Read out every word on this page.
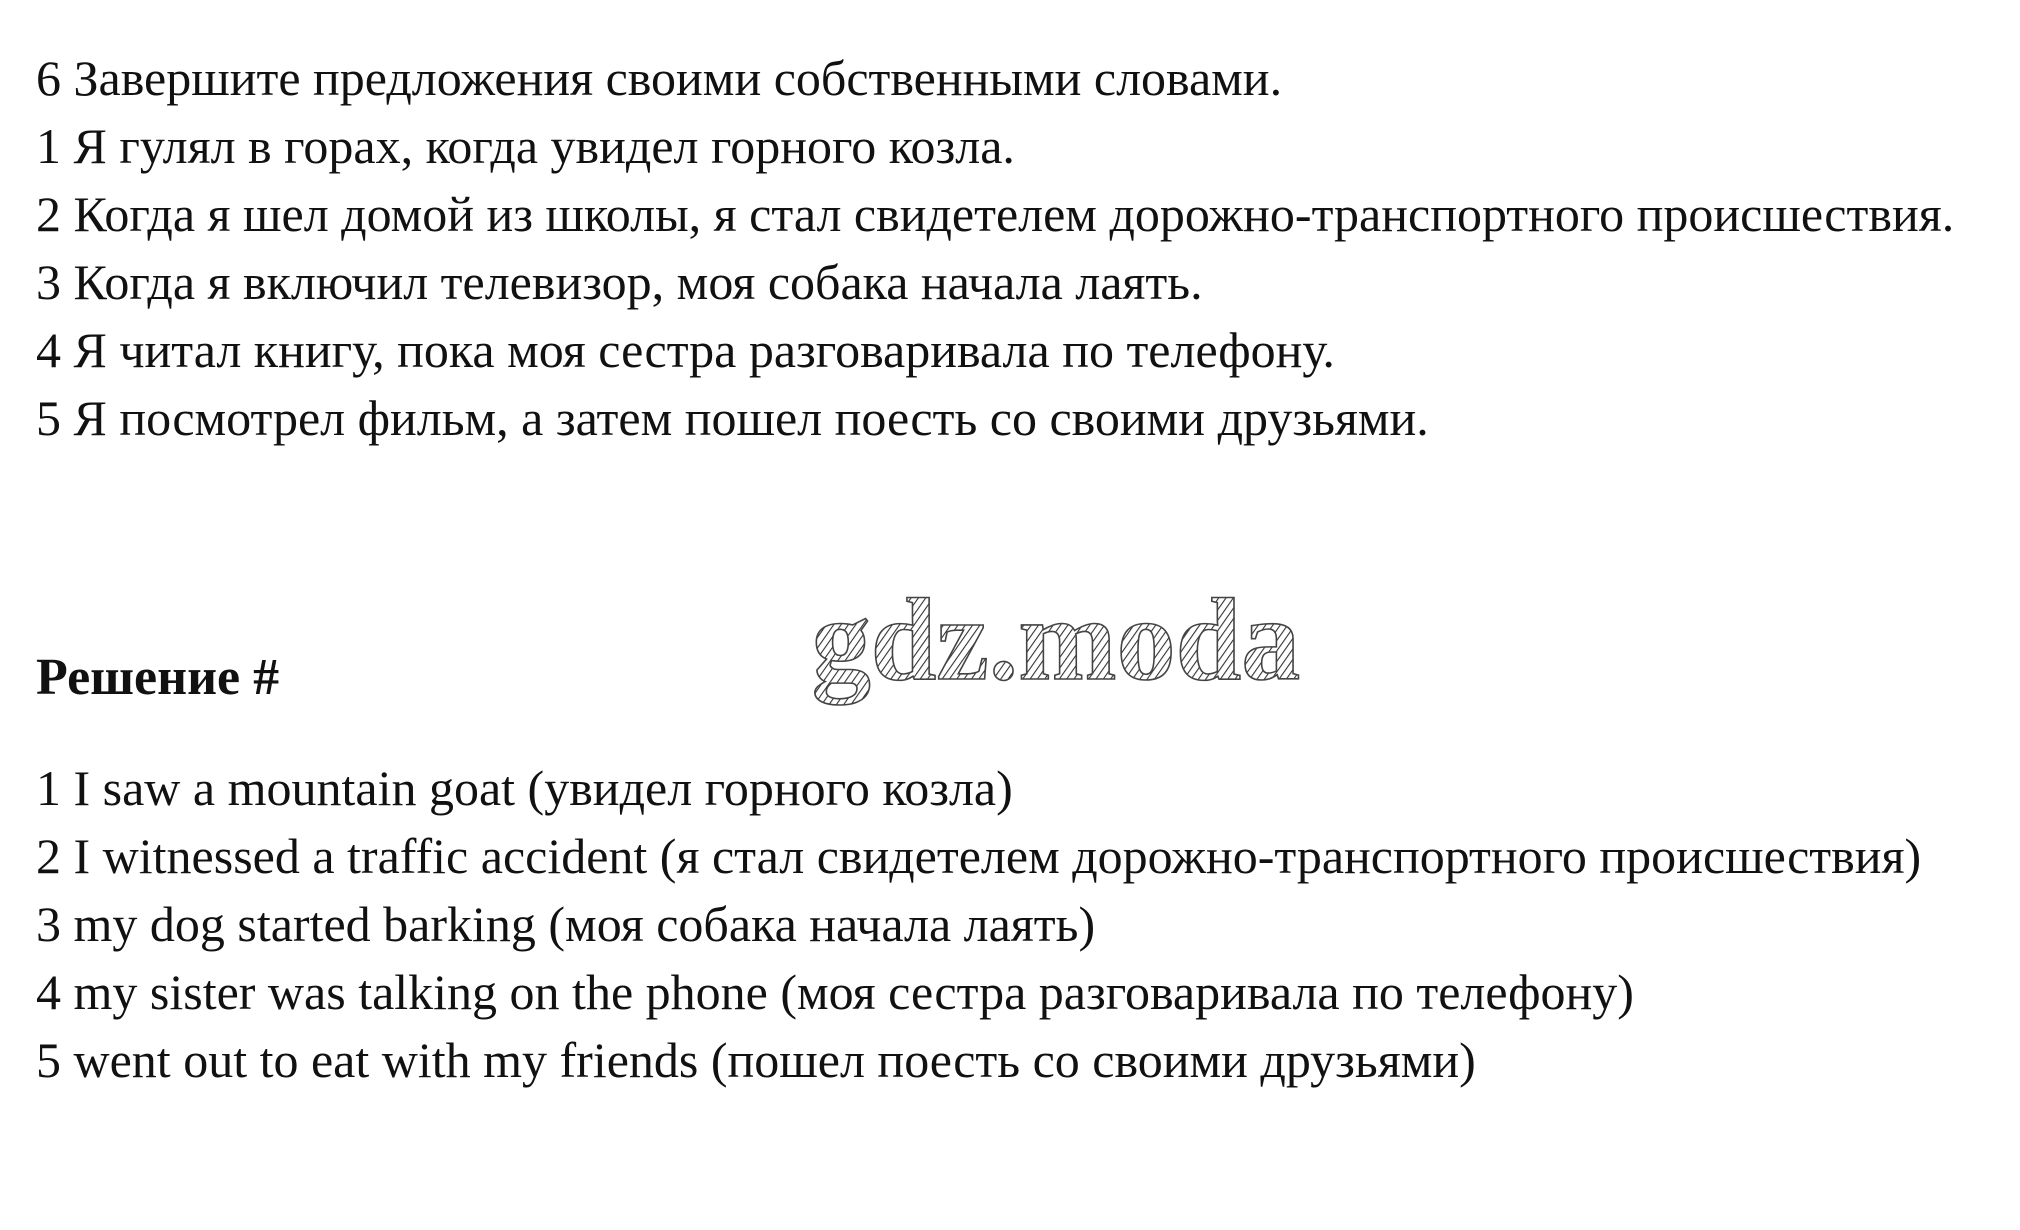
6 Завершите предложения своими собственными словами.

1 Я гулял в горах, когда увидел горного козла.

2 Когда я шел домой из школы, я стал свидетелем дорожно-транспортного происшествия.

3 Когда я включил телевизор, моя собака начала лаять.

4 Я читал книгу, пока моя сестра разговаривала по телефону.

5 Я посмотрел фильм, а затем пошел поесть со своими друзьями.

gdz.moda

Решение #

1 I saw a mountain goat (увидел горного козла)

2 I witnessed a traffic accident (я стал свидетелем дорожно-транспортного происшествия)

3 my dog started barking (моя собака начала лаять)

4 my sister was talking on the phone (моя сестра разговаривала по телефону)

5 went out to eat with my friends (пошел поесть со своими друзьями)
